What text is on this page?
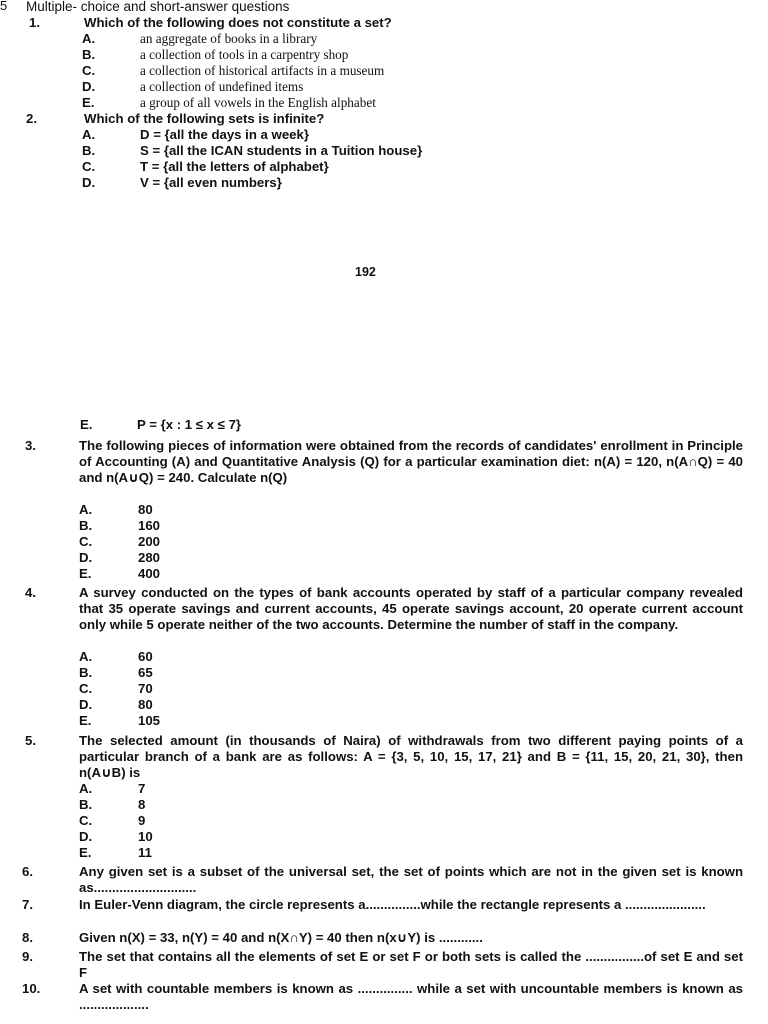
5 Multiple- choice and short-answer questions
1.	Which of the following does not constitute a set?
A.	an aggregate of books in a library
B.	a collection of tools in a carpentry shop
C.	a collection of historical artifacts in a museum
D.	a collection of undefined items
E.	a group of all vowels in the English alphabet
2.	Which of the following sets is infinite?
A.	D = {all the days in a week}
B.	S = {all the ICAN students in a Tuition house}
C.	T = {all the letters of alphabet}
D.	V = {all even numbers}
192
E.	P = {x : 1 ≤ x ≤ 7}
3.	The following pieces of information were obtained from the records of candidates' enrollment in Principle of Accounting (A) and Quantitative Analysis (Q) for a particular examination diet: n(A) = 120, n(A∩Q) = 40 and n(A∪Q) = 240. Calculate n(Q)
A.	80
B.	160
C.	200
D.	280
E.	400
4.	A survey conducted on the types of bank accounts operated by staff of a particular company revealed that 35 operate savings and current accounts, 45 operate savings account, 20 operate current account only while 5 operate neither of the two accounts. Determine the number of staff in the company.
A.	60
B.	65
C.	70
D.	80
E.	105
5.	The selected amount (in thousands of Naira) of withdrawals from two different paying points of a particular branch of a bank are as follows: A = {3, 5, 10, 15, 17, 21} and B = {11, 15, 20, 21, 30}, then n(A∪B) is
A.	7
B.	8
C.	9
D.	10
E.	11
6.	Any given set is a subset of the universal set, the set of points which are not in the given set is known as............................
7.	In Euler-Venn diagram, the circle represents a...............while the rectangle represents a ......................
8.	Given n(X) = 33, n(Y) = 40 and n(X∩Y) = 40 then n(x∪Y) is ............
9.	The set that contains all the elements of set E or set F or both sets is called the ................of set E and set F
10.	A set with countable members is known as ............... while a set with uncountable members is known as ...................
